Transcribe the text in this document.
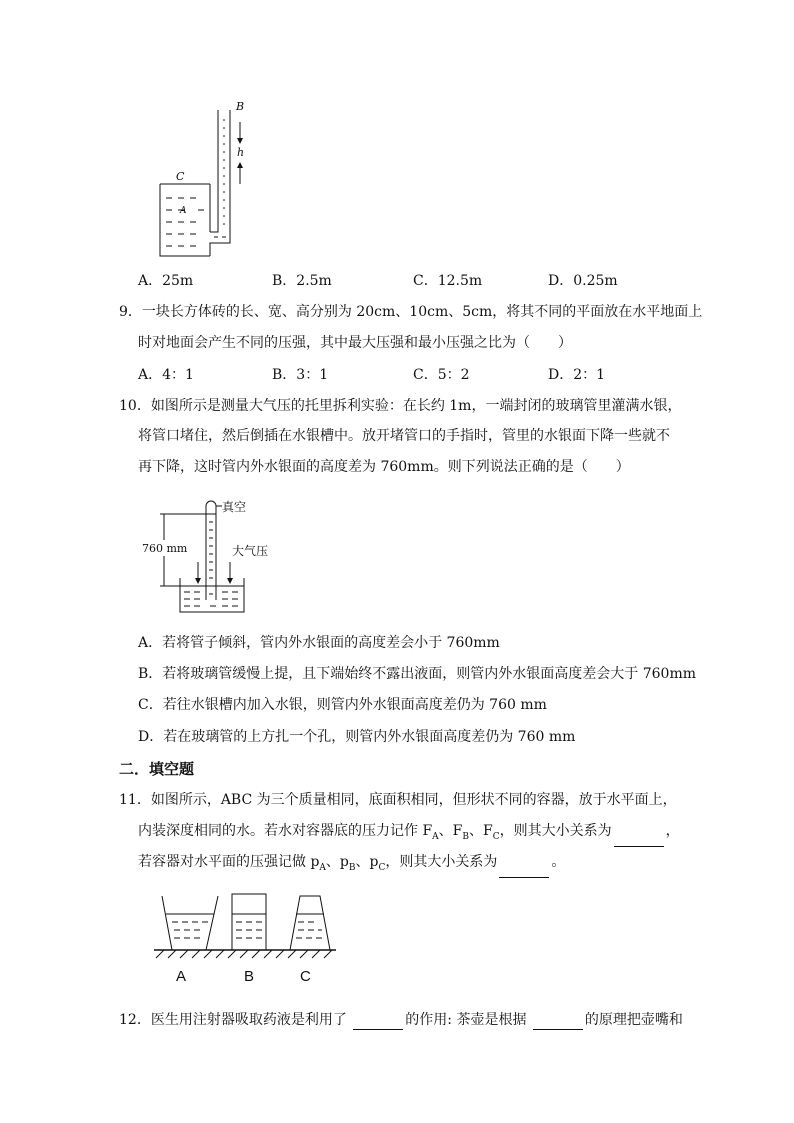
B
C
h
A
A．25m	B．2.5m	C．12.5m	D．0.25m
9．一块长方体砖的长、宽、高分别为 20cm、10cm、5cm，将其不同的平面放在水平地面上
时对地面会产生不同的压强，其中最大压强和最小压强之比为（　　）
A．4：1	B．3：1	C．5：2	D．2：1
10．如图所示是测量大气压的托里拆利实验：在长约 1m，一端封闭的玻璃管里灌满水银，
将管口堵住，然后倒插在水银槽中。放开堵管口的手指时，管里的水银面下降一些就不
再下降，这时管内外水银面的高度差为 760mm。则下列说法正确的是（　　）
真空
760 mm	大气压
A．若将管子倾斜，管内外水银面的高度差会小于 760mm
B．若将玻璃管缓慢上提，且下端始终不露出液面，则管内外水银面高度差会大于 760mm
C．若往水银槽内加入水银，则管内外水银面高度差仍为 760 mm
D．若在玻璃管的上方扎一个孔，则管内外水银面高度差仍为 760 mm
二．填空题
11．如图所示，ABC 为三个质量相同，底面积相同，但形状不同的容器，放于水平面上，
内装深度相同的水。若水对容器底的压力记作 $F_A$、$F_B$、$F_C$，则其大小关系为	，
若容器对水平面的压强记做 $p_A$、$p_B$、$p_C$，则其大小关系为	。
A	B	C
12．医生用注射器吸取药液是利用了	的作用: 茶壶是根据	的原理把壶嘴和
